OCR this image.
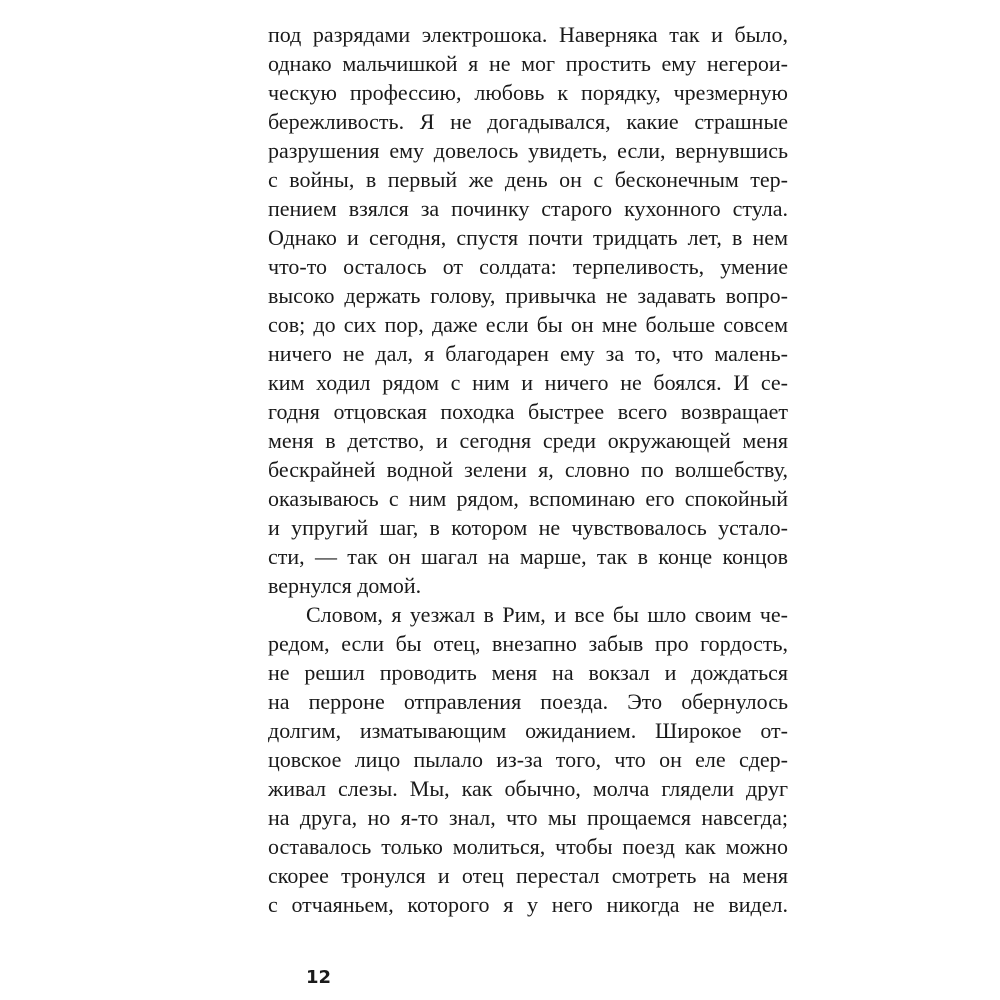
под разрядами электрошока. Наверняка так и было,
однако мальчишкой я не мог простить ему негерои-
ческую профессию, любовь к порядку, чрезмерную
бережливость. Я не догадывался, какие страшные
разрушения ему довелось увидеть, если, вернувшись
с войны, в первый же день он с бесконечным тер-
пением взялся за починку старого кухонного стула.
Однако и сегодня, спустя почти тридцать лет, в нем
что-то осталось от солдата: терпеливость, умение
высоко держать голову, привычка не задавать вопро-
сов; до сих пор, даже если бы он мне больше совсем
ничего не дал, я благодарен ему за то, что малень-
ким ходил рядом с ним и ничего не боялся. И се-
годня отцовская походка быстрее всего возвращает
меня в детство, и сегодня среди окружающей меня
бескрайней водной зелени я, словно по волшебству,
оказываюсь с ним рядом, вспоминаю его спокойный
и упругий шаг, в котором не чувствовалось устало-
сти, — так он шагал на марше, так в конце концов
вернулся домой.
Словом, я уезжал в Рим, и все бы шло своим че-
редом, если бы отец, внезапно забыв про гордость,
не решил проводить меня на вокзал и дождаться
на перроне отправления поезда. Это обернулось
долгим, изматывающим ожиданием. Широкое от-
цовское лицо пылало из-за того, что он еле сдер-
живал слезы. Мы, как обычно, молча глядели друг
на друга, но я-то знал, что мы прощаемся навсегда;
оставалось только молиться, чтобы поезд как можно
скорее тронулся и отец перестал смотреть на меня
с отчаяньем, которого я у него никогда не видел.
12
